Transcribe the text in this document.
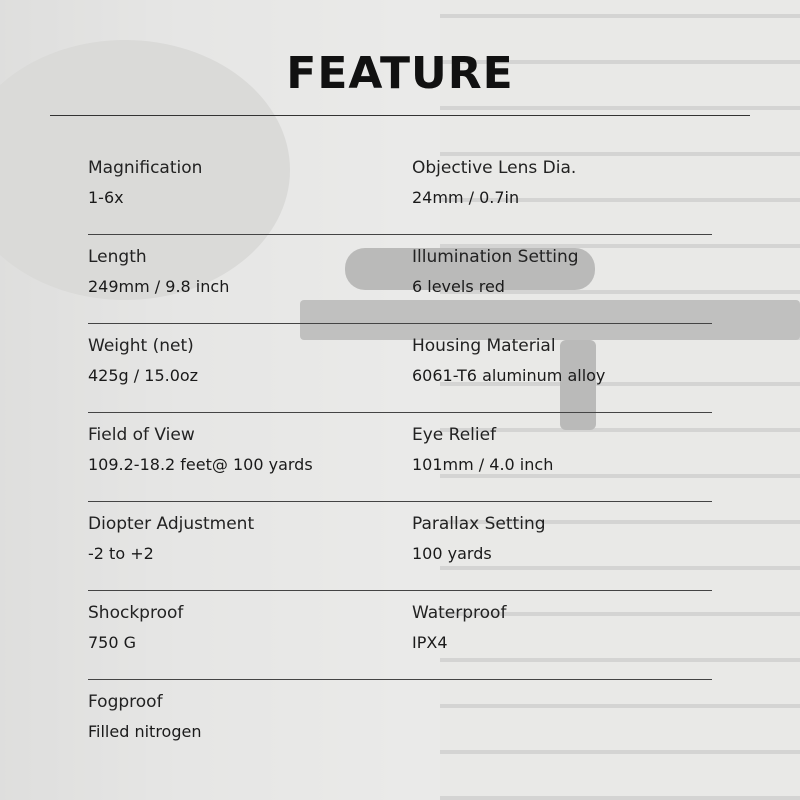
FEATURE
Magnification
1-6x
Objective Lens Dia.
24mm / 0.7in
Length
249mm / 9.8 inch
Illumination Setting
6 levels red
Weight (net)
425g / 15.0oz
Housing Material
6061-T6 aluminum alloy
Field of View
109.2-18.2 feet@ 100 yards
Eye Relief
101mm / 4.0 inch
Diopter Adjustment
-2 to +2
Parallax Setting
100 yards
Shockproof
750 G
Waterproof
IPX4
Fogproof
Filled nitrogen
